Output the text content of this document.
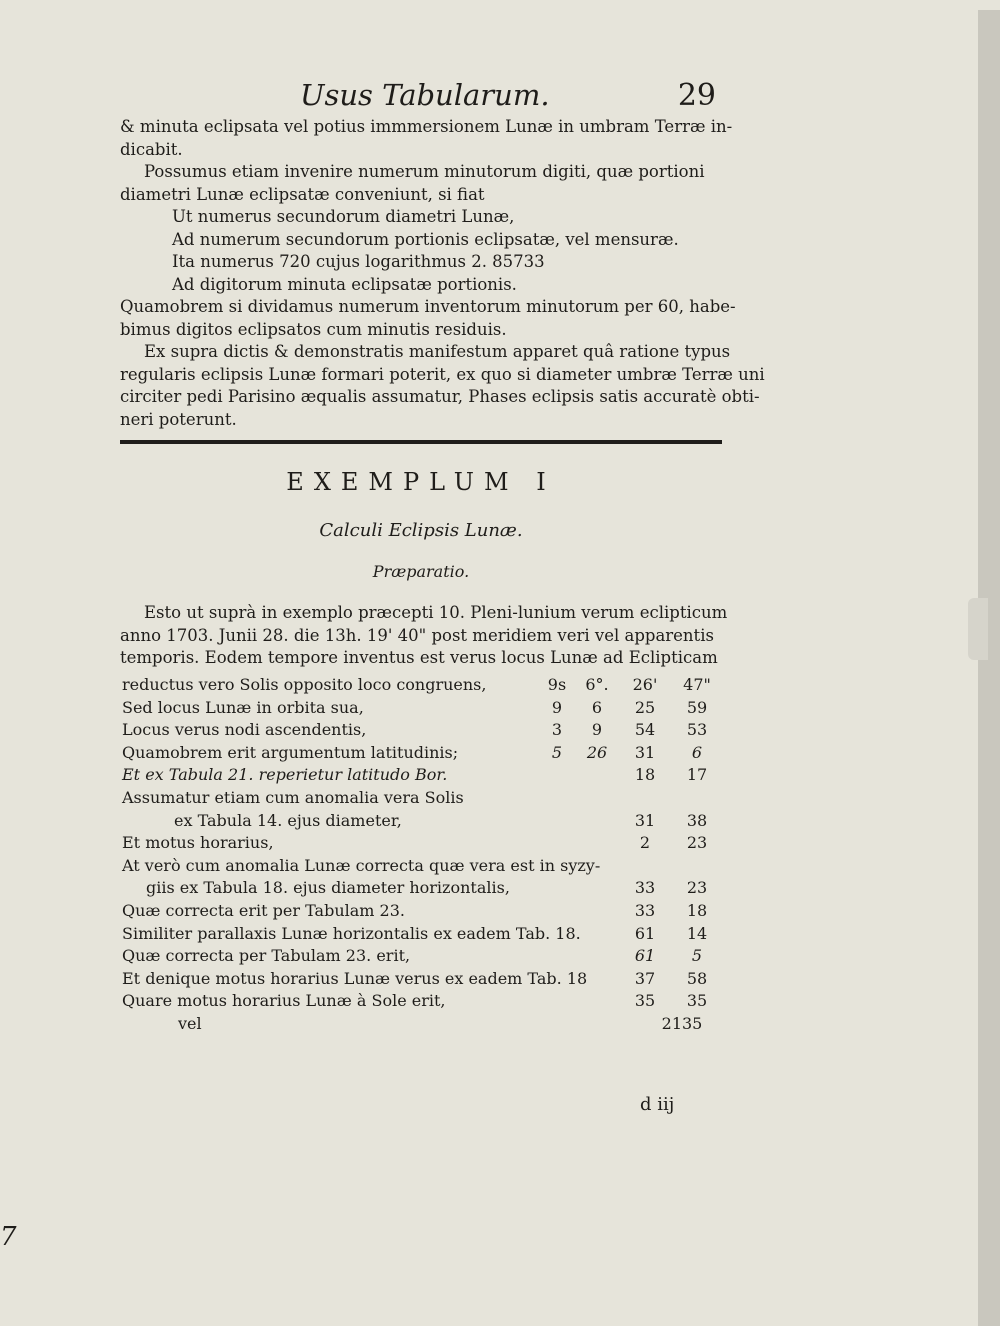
7
Usus Tabularum.	29
& minuta eclipsata vel potius immmersionem Lunæ in umbram Terræ in-
dicabit.
Possumus etiam invenire numerum minutorum digiti, quæ portioni
diametri Lunæ eclipsatæ conveniunt, si fiat
Ut numerus secundorum diametri Lunæ,
Ad numerum secundorum portionis eclipsatæ, vel mensuræ.
Ita numerus 720 cujus logarithmus 2. 85733
Ad digitorum minuta eclipsatæ portionis.
Quamobrem si dividamus numerum inventorum minutorum per 60, habe-
bimus digitos eclipsatos cum minutis residuis.
Ex supra dictis & demonstratis manifestum apparet quâ ratione typus
regularis eclipsis Lunæ formari poterit, ex quo si diameter umbræ Terræ uni
circiter pedi Parisino æqualis assumatur, Phases eclipsis satis accuratè obti-
neri poterunt.
EXEMPLUM I
Calculi Eclipsis Lunæ.
Præparatio.
Esto ut suprà in exemplo præcepti 10. Pleni-lunium verum eclipticum
anno 1703. Junii 28. die 13h. 19' 40" post meridiem veri vel apparentis
temporis. Eodem tempore inventus est verus locus Lunæ ad Eclipticam
reductus vero Solis opposito loco congruens,	9s	6°. 26' 47"
Sed locus Lunæ in orbita sua,	9	6	25	59
Locus verus nodi ascendentis,	3	9	54	53
Quamobrem erit argumentum latitudinis;	5	26	31	6
Et ex Tabula 21. reperietur latitudo Bor.	18	17
Assumatur etiam cum anomalia vera Solis
ex Tabula 14. ejus diameter,	31	38
Et motus horarius,	2	23
At verò cum anomalia Lunæ correcta quæ vera est in syzy-
giis ex Tabula 18. ejus diameter horizontalis,	33	23
Quæ correcta erit per Tabulam 23.	33	18
Similiter parallaxis Lunæ horizontalis ex eadem Tab. 18.	61	14
Quæ correcta per Tabulam 23. erit,	61	5
Et denique motus horarius Lunæ verus ex eadem Tab. 18	37	58
Quare motus horarius Lunæ à Sole erit,	35	35
vel	2135
d iij
